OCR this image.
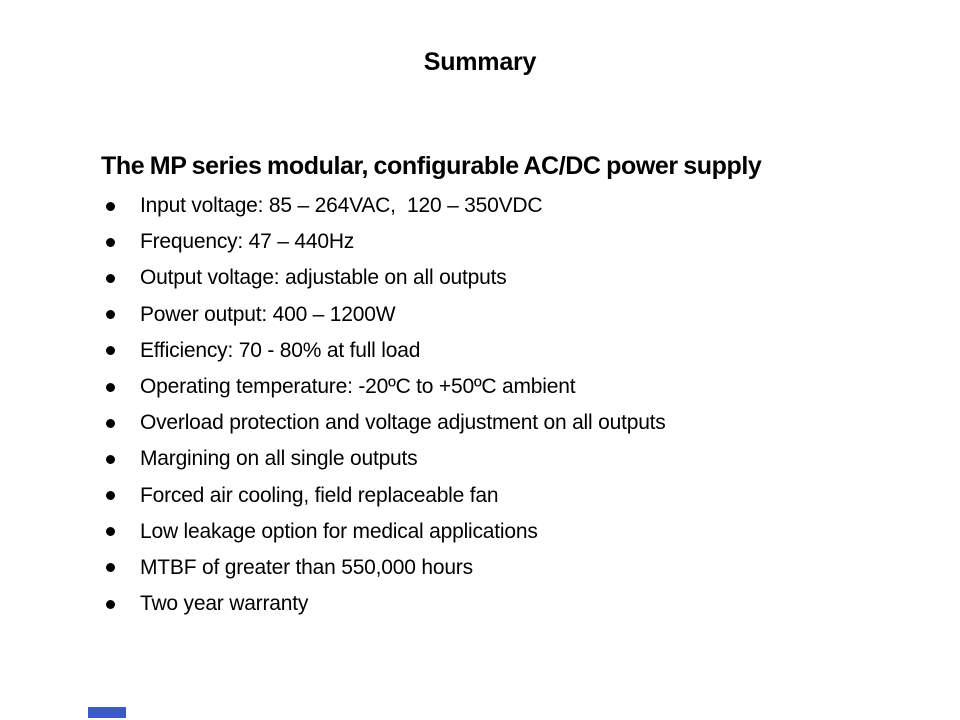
Summary
The MP series modular, configurable AC/DC power supply
Input voltage: 85 – 264VAC,  120 – 350VDC
Frequency: 47 – 440Hz
Output voltage: adjustable on all outputs
Power output: 400 – 1200W
Efficiency: 70 - 80% at full load
Operating temperature: -20ºC to +50ºC ambient
Overload protection and voltage adjustment on all outputs
Margining on all single outputs
Forced air cooling, field replaceable fan
Low leakage option for medical applications
MTBF of greater than 550,000 hours
Two year warranty
